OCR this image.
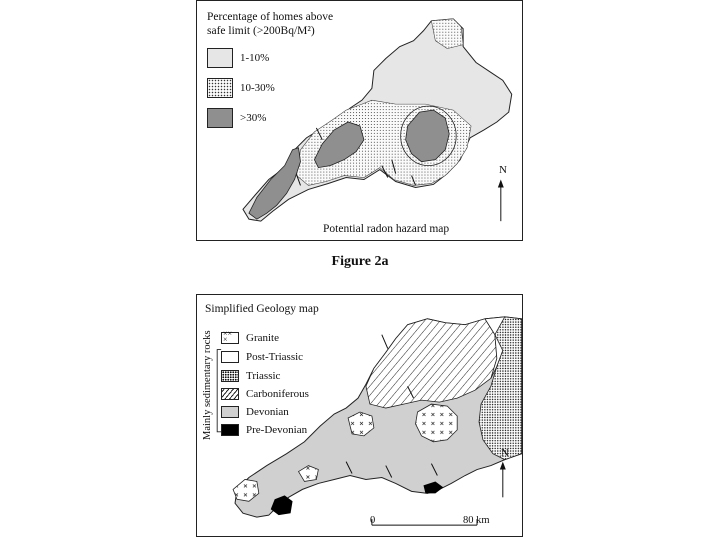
Percentage of homes above
safe limit (>200Bq/M²)
1-10%
10-30%
>30%
N
Potential radon hazard map
Figure 2a
Simplified Geology map
Mainly sedimentary rocks
× × ×	Granite
Post-Triassic
Triassic
Carboniferous
Devonian
Pre-Devonian
N
0	80 km
